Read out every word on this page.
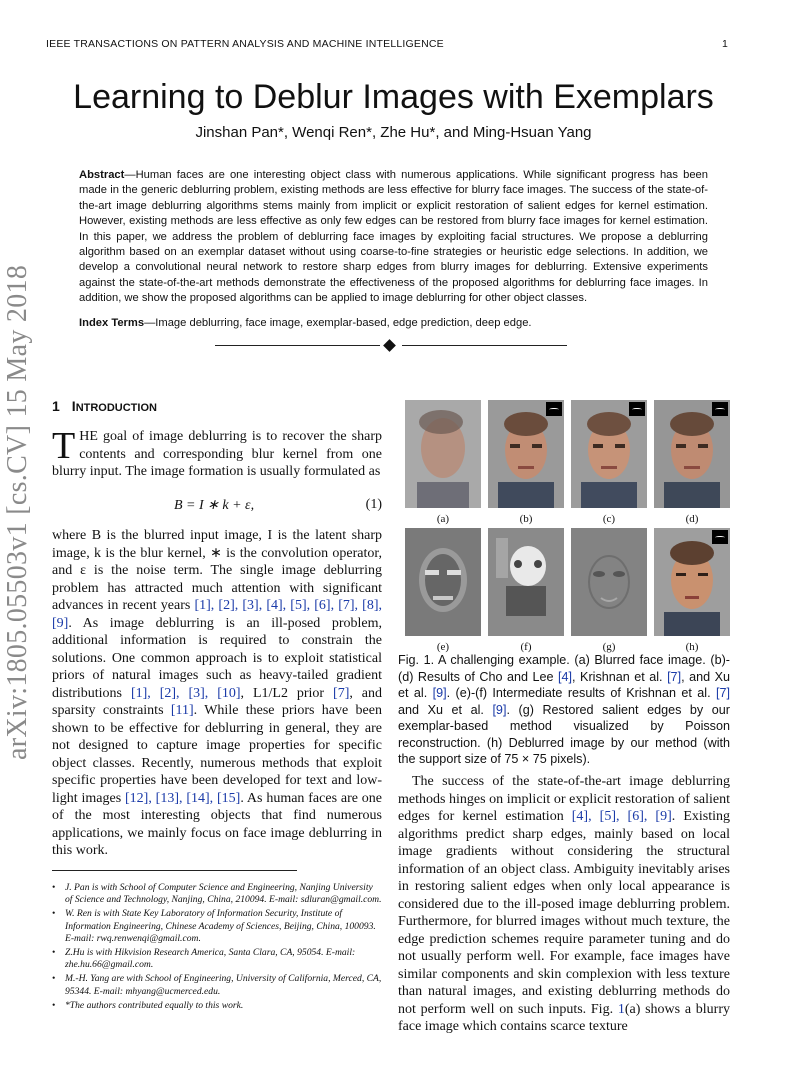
IEEE TRANSACTIONS ON PATTERN ANALYSIS AND MACHINE INTELLIGENCE	1
arXiv:1805.05503v1 [cs.CV] 15 May 2018
Learning to Deblur Images with Exemplars
Jinshan Pan*, Wenqi Ren*, Zhe Hu*, and Ming-Hsuan Yang
Abstract—Human faces are one interesting object class with numerous applications. While significant progress has been made in the generic deblurring problem, existing methods are less effective for blurry face images. The success of the state-of-the-art image deblurring algorithms stems mainly from implicit or explicit restoration of salient edges for kernel estimation. However, existing methods are less effective as only few edges can be restored from blurry face images for kernel estimation. In this paper, we address the problem of deblurring face images by exploiting facial structures. We propose a deblurring algorithm based on an exemplar dataset without using coarse-to-fine strategies or heuristic edge selections. In addition, we develop a convolutional neural network to restore sharp edges from blurry images for deblurring. Extensive experiments against the state-of-the-art methods demonstrate the effectiveness of the proposed algorithms for deblurring face images. In addition, we show the proposed algorithms can be applied to image deblurring for other object classes.
Index Terms—Image deblurring, face image, exemplar-based, edge prediction, deep edge.
1 INTRODUCTION
THE goal of image deblurring is to recover the sharp contents and corresponding blur kernel from one blurry input. The image formation is usually formulated as
B = I ∗ k + ε,	(1)

where B is the blurred input image, I is the latent sharp image, k is the blur kernel, ∗ is the convolution operator, and ε is the noise term. The single image deblurring problem has attracted much attention with significant advances in recent years [1], [2], [3], [4], [5], [6], [7], [8], [9]. As image deblurring is an ill-posed problem, additional information is required to constrain the solutions. One common approach is to exploit statistical priors of natural images such as heavy-tailed gradient distributions [1], [2], [3], [10], L1/L2 prior [7], and sparsity constraints [11]. While these priors have been shown to be effective for deblurring in general, they are not designed to capture image properties for specific object classes. Recently, numerous methods that exploit specific properties have been developed for text and low-light images [12], [13], [14], [15]. As human faces are one of the most interesting objects that find numerous applications, we mainly focus on face image deblurring in this work.

• J. Pan is with School of Computer Science and Engineering, Nanjing University of Science and Technology, Nanjing, China, 210094. E-mail: sdluran@gmail.com.
• W. Ren is with State Key Laboratory of Information Security, Institute of Information Engineering, Chinese Academy of Sciences, Beijing, China, 100093. E-mail: rwq.renwenqi@gmail.com.
• Z.Hu is with Hikvision Research America, Santa Clara, CA, 95054. E-mail: zhe.hu.66@gmail.com.
• M.-H. Yang are with School of Engineering, University of California, Merced, CA, 95344. E-mail: mhyang@ucmerced.edu.
• *The authors contributed equally to this work.
(a)	(b)	(c)	(d)
(e)	(f)	(g)	(h)
Fig. 1. A challenging example. (a) Blurred face image. (b)-(d) Results of Cho and Lee [4], Krishnan et al. [7], and Xu et al. [9]. (e)-(f) Intermediate results of Krishnan et al. [7] and Xu et al. [9]. (g) Restored salient edges by our exemplar-based method visualized by Poisson reconstruction. (h) Deblurred image by our method (with the support size of 75 × 75 pixels).

The success of the state-of-the-art image deblurring methods hinges on implicit or explicit restoration of salient edges for kernel estimation [4], [5], [6], [9]. Existing algorithms predict sharp edges, mainly based on local image gradients without considering the structural information of an object class. Ambiguity inevitably arises in restoring salient edges when only local appearance is considered due to the ill-posed image deblurring problem. Furthermore, for blurred images without much texture, the edge prediction schemes require parameter tuning and do not usually perform well. For example, face images have similar components and skin complexion with less texture than natural images, and existing deblurring methods do not perform well on such inputs. Fig. 1(a) shows a blurry face image which contains scarce texture
